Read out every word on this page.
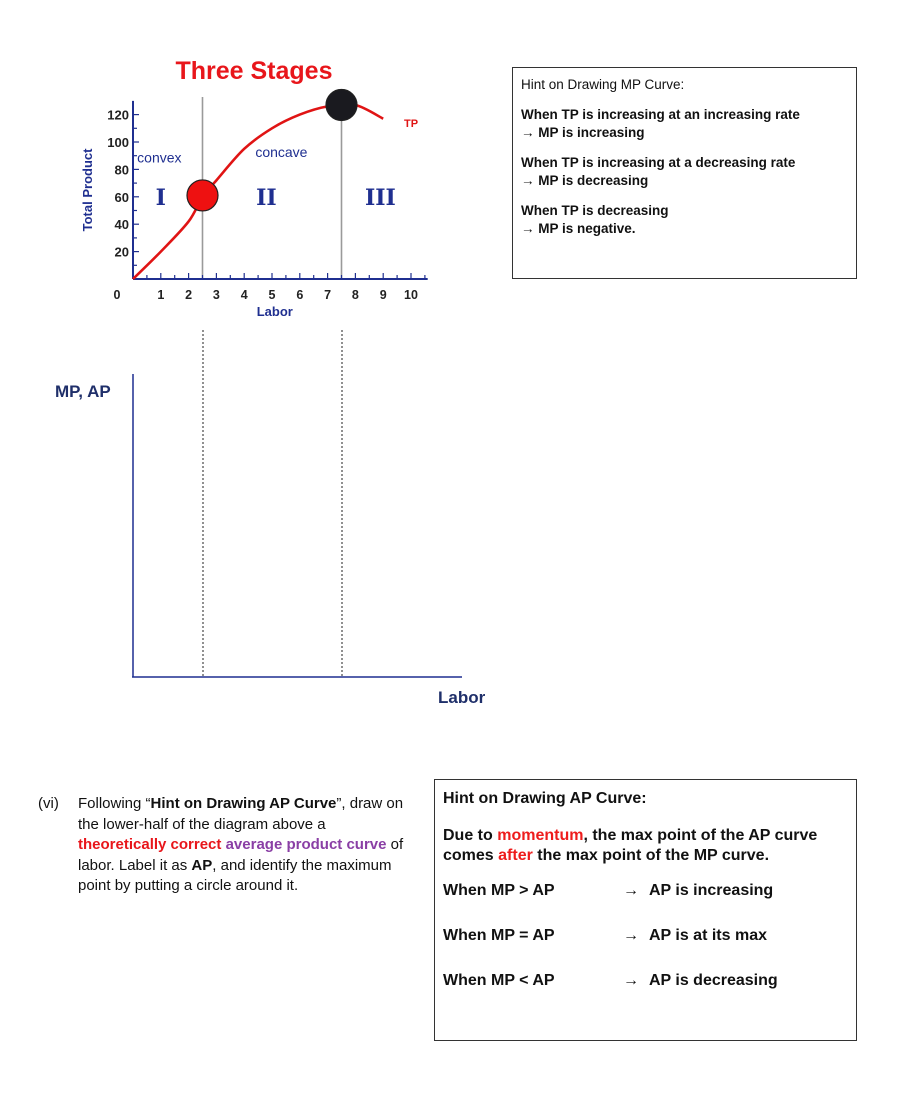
Three Stages
20
40
60
80
100
120
0	1 2 3 4 5 6 7 8 9 10
Labor
Total Product
TP
convex	concave
I	II	III
MP, AP
Labor
Hint on Drawing MP Curve:
When TP is increasing at an increasing rate
→ MP is increasing
When TP is increasing at a decreasing rate
→ MP is decreasing
When TP is decreasing
→ MP is negative.
(vi) Following “Hint on Drawing AP Curve”, draw on the lower-half of the diagram above a theoretically correct average product curve of labor. Label it as AP, and identify the maximum point by putting a circle around it.
Hint on Drawing AP Curve:
Due to momentum, the max point of the AP curve comes after the max point of the MP curve.
When MP > AP	→ AP is increasing
When MP = AP	→ AP is at its max
When MP < AP	→ AP is decreasing
